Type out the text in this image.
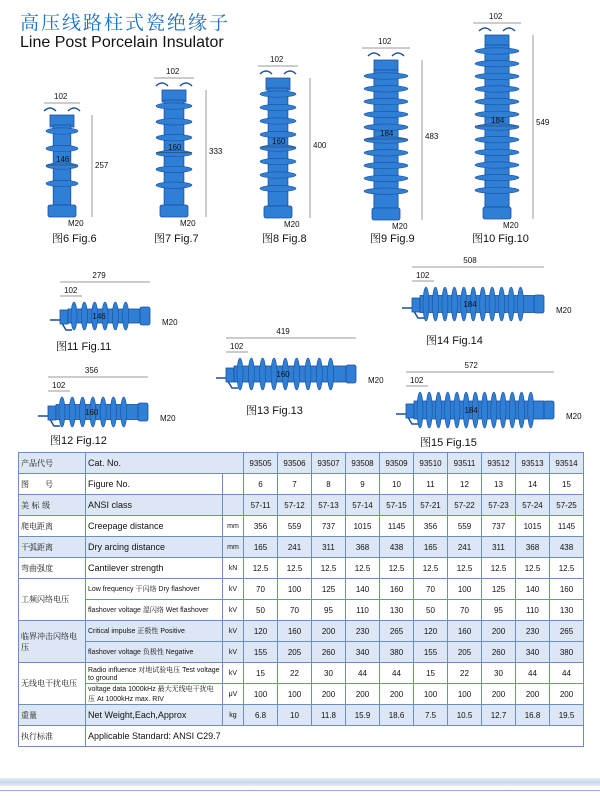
高压线路柱式瓷绝缘子
Line Post Porcelain Insulator
102
146
257
M20
图6 Fig.6
102
160
333
M20
图7 Fig.7
102
160	400
M20
图8 Fig.8
102
184	483
M20
图9 Fig.9
102
184	549
M20
图10 Fig.10
279
102
146
M20
图11 Fig.11
356
102
160
M20
图12 Fig.12
419
102
160
M20
图13 Fig.13
508
102
184
M20
图14 Fig.14
572
102
184
M20
图15 Fig.15
产品代号	Cat. No.		93505	93506	93507	93508	93509	93510	93511	93512	93513	93514
图　　号	Figure No.		6	7	8	9	10	11	12	13	14	15
美 标 级	ANSI class		57-11	57-12	57-13	57-14	57-15	57-21	57-22	57-23	57-24	57-25
爬电距离	Creepage distance	mm	356	559	737	1015	1145	356	559	737	1015	1145
干弧距离	Dry arcing distance	mm	165	241	311	368	438	165	241	311	368	438
弯曲强度	Cantilever strength	kN	12.5	12.5	12.5	12.5	12.5	12.5	12.5	12.5	12.5	12.5
工频闪络电压	Low frequency 干闪络 Dry flashover	kV	70	100	125	140	160	70	100	125	140	160
	flashover voltage 湿闪络 Wet flashover	kV	50	70	95	110	130	50	70	95	110	130
临界冲击闪络电压	Critical impulse 正极性 Positive	kV	120	160	200	230	265	120	160	200	230	265
	flashover voltage 负极性 Negative	kV	155	205	260	340	380	155	205	260	340	380
无线电干扰电压	Radio influence 对地试验电压 Test voltage to ground	kV	15	22	30	44	44	15	22	30	44	44
	voltage data 1000kHz 最大无线电干扰电压 At 1000kHz max. RIV	μV	100	100	200	200	200	100	100	200	200	200
重量	Net Weight,Each,Approx	kg	6.8	10	11.8	15.9	18.6	7.5	10.5	12.7	16.8	19.5
执行标准	Applicable Standard: ANSI C29.7											
